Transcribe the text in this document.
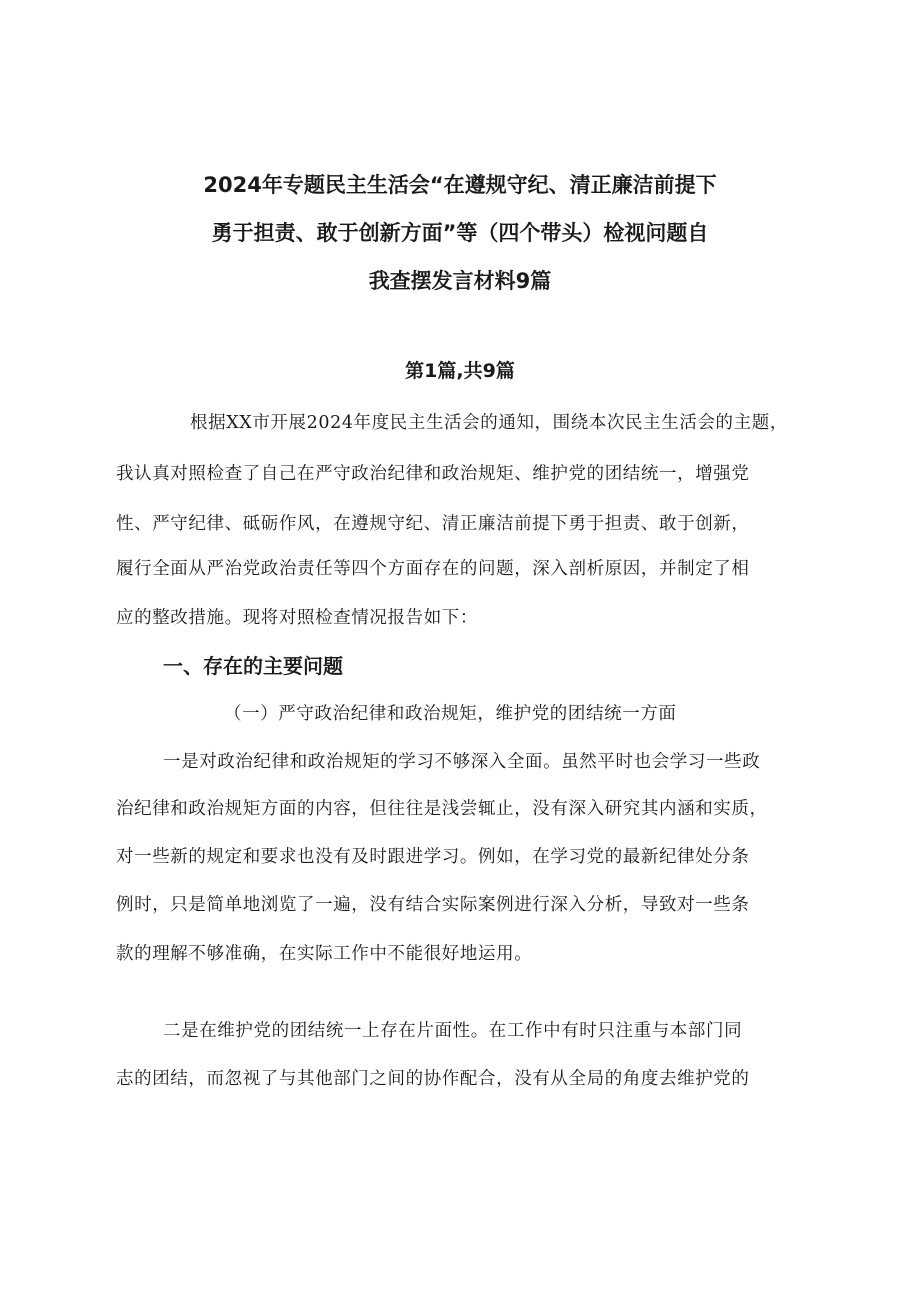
2024年专题民主生活会“在遵规守纪、清正廉洁前提下
勇于担责、敢于创新方面”等（四个带头）检视问题自
我查摆发言材料9篇
第1篇,共9篇
根据XX市开展2024年度民主生活会的通知，围绕本次民主生活会的主题，
我认真对照检查了自己在严守政治纪律和政治规矩、维护党的团结统一，增强党
性、严守纪律、砥砺作风，在遵规守纪、清正廉洁前提下勇于担责、敢于创新，
履行全面从严治党政治责任等四个方面存在的问题，深入剖析原因，并制定了相
应的整改措施。现将对照检查情况报告如下：
一、存在的主要问题
（一）严守政治纪律和政治规矩，维护党的团结统一方面
一是对政治纪律和政治规矩的学习不够深入全面。虽然平时也会学习一些政
治纪律和政治规矩方面的内容，但往往是浅尝辄止，没有深入研究其内涵和实质，
对一些新的规定和要求也没有及时跟进学习。例如，在学习党的最新纪律处分条
例时，只是简单地浏览了一遍，没有结合实际案例进行深入分析，导致对一些条
款的理解不够准确，在实际工作中不能很好地运用。
二是在维护党的团结统一上存在片面性。在工作中有时只注重与本部门同
志的团结，而忽视了与其他部门之间的协作配合，没有从全局的角度去维护党的
